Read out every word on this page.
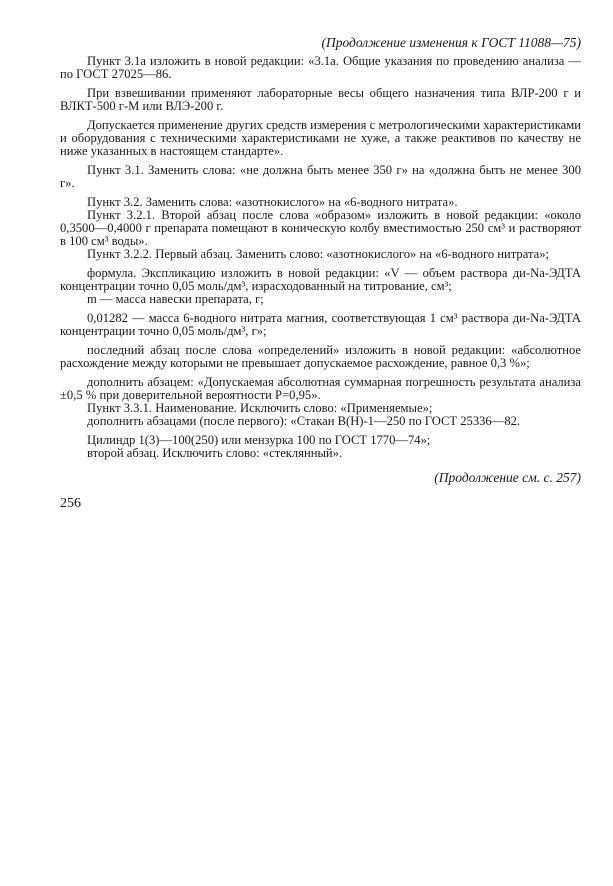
(Продолжение изменения к ГОСТ 11088—75)

Пункт 3.1а изложить в новой редакции: «3.1а. Общие указания по проведению анализа — по ГОСТ 27025—86.

При взвешивании применяют лабораторные весы общего назначения типа ВЛР-200 г и ВЛКТ-500 г-М или ВЛЭ-200 г.

Допускается применение других средств измерения с метрологическими характеристиками и оборудования с техническими характеристиками не хуже, а также реактивов по качеству не ниже указанных в настоящем стандарте».

Пункт 3.1. Заменить слова: «не должна быть менее 350 г» на «должна быть не менее 300 г».

Пункт 3.2. Заменить слова: «азотнокислого» на «6-водного нитрата».

Пункт 3.2.1. Второй абзац после слова «образом» изложить в новой редакции: «около 0,3500—0,4000 г препарата помещают в коническую колбу вместимостью 250 см³ и растворяют в 100 см³ воды».

Пункт 3.2.2. Первый абзац. Заменить слово: «азотнокислого» на «6-водного нитрата»;

формула. Экспликацию изложить в новой редакции: «V — объем раствора ди-Na-ЭДТА концентрации точно 0,05 моль/дм³, израсходованный на титрование, см³;

m — масса навески препарата, г;

0,01282 — масса 6-водного нитрата магния, соответствующая 1 см³ раствора ди-Na-ЭДТА концентрации точно 0,05 моль/дм³, г»;

последний абзац после слова «определений» изложить в новой редакции: «абсолютное расхождение между которыми не превышает допускаемое расхождение, равное 0,3 %»;

дополнить абзацем: «Допускаемая абсолютная суммарная погрешность результата анализа ±0,5 % при доверительной вероятности P=0,95».

Пункт 3.3.1. Наименование. Исключить слово: «Применяемые»;

дополнить абзацами (после первого): «Стакан В(Н)-1—250 по ГОСТ 25336—82.

Цилиндр 1(3)—100(250) или мензурка 100 по ГОСТ 1770—74»;

второй абзац. Исключить слово: «стеклянный».

(Продолжение см. с. 257)
256
